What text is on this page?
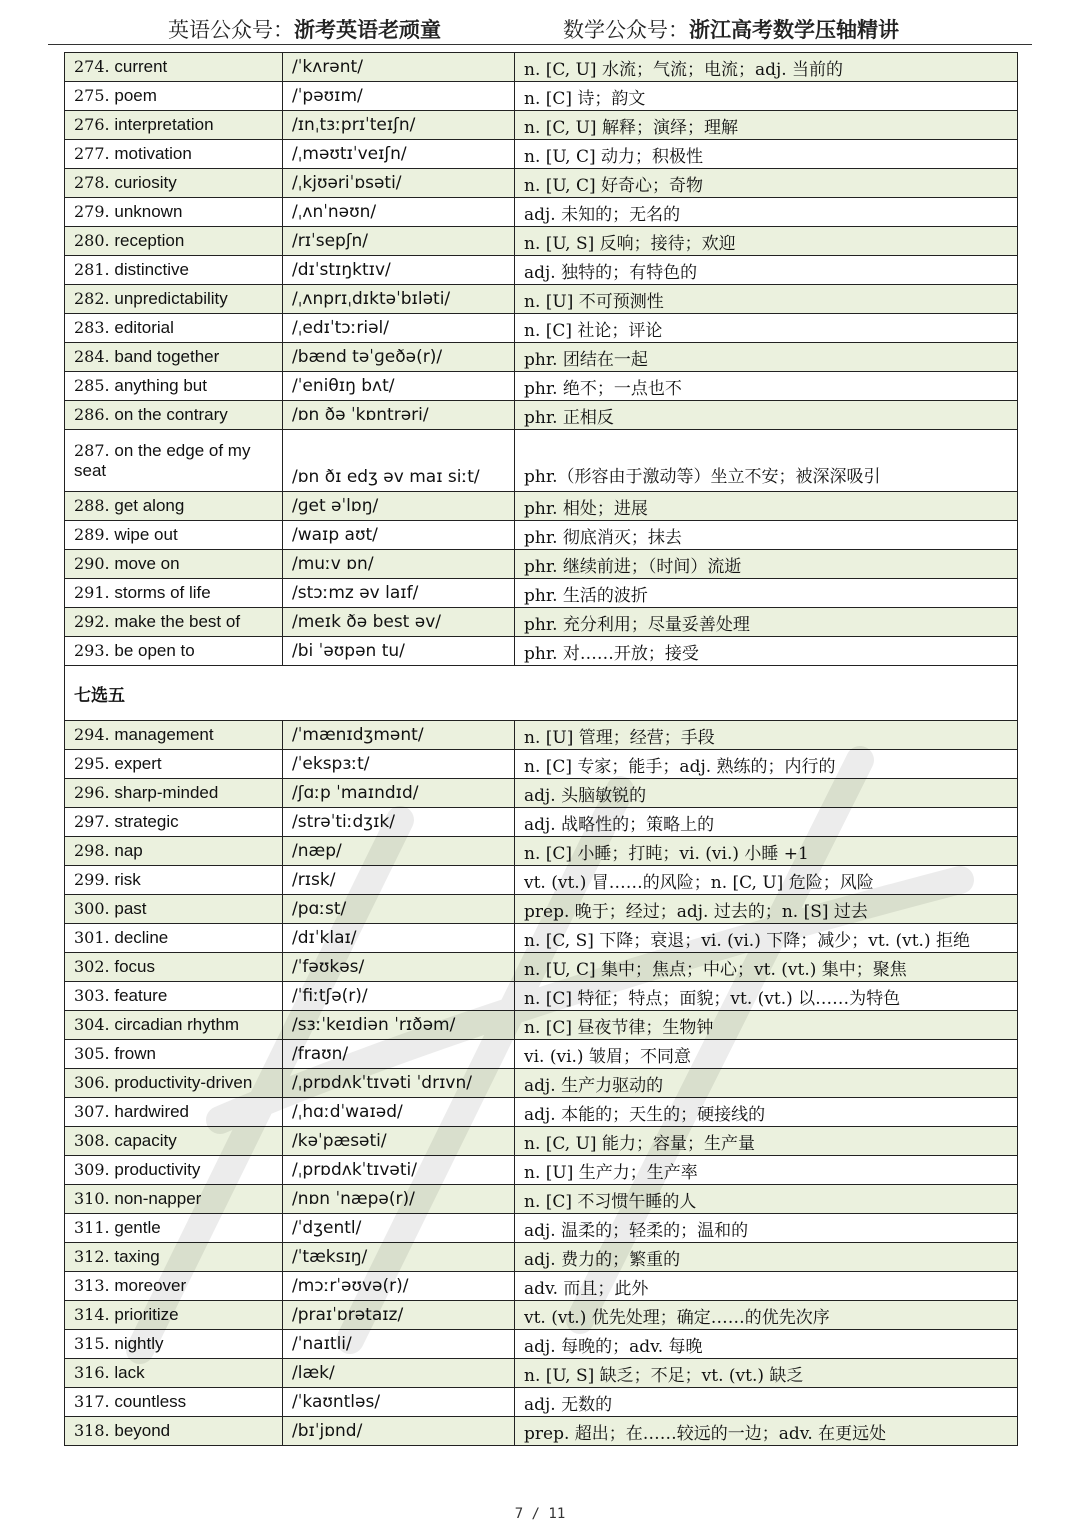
英语公众号：浙考英语老顽童	数学公众号：浙江高考数学压轴精讲
274. current	/ˈkʌrənt/	n. [C, U] 水流；气流；电流；adj. 当前的
275. poem	/ˈpəʊɪm/	n. [C] 诗；韵文
276. interpretation	/ɪnˌtɜːprɪˈteɪʃn/	n. [C, U] 解释；演绎；理解
277. motivation	/ˌməʊtɪˈveɪʃn/	n. [U, C] 动力；积极性
278. curiosity	/ˌkjʊəriˈɒsəti/	n. [U, C] 好奇心；奇物
279. unknown	/ˌʌnˈnəʊn/	adj. 未知的；无名的
280. reception	/rɪˈsepʃn/	n. [U, S] 反响；接待；欢迎
281. distinctive	/dɪˈstɪŋktɪv/	adj. 独特的；有特色的
282. unpredictability	/ˌʌnprɪˌdɪktəˈbɪləti/	n. [U] 不可预测性
283. editorial	/ˌedɪˈtɔːriəl/	n. [C] 社论；评论
284. band together	/bænd təˈɡeðə(r)/	phr. 团结在一起
285. anything but	/ˈeniθɪŋ bʌt/	phr. 绝不；一点也不
286. on the contrary	/ɒn ðə ˈkɒntrəri/	phr. 正相反
287. on the edge of my seat	/ɒn ðɪ edʒ əv maɪ siːt/	phr.（形容由于激动等）坐立不安；被深深吸引
288. get along	/ɡet əˈlɒŋ/	phr. 相处；进展
289. wipe out	/waɪp aʊt/	phr. 彻底消灭；抹去
290. move on	/muːv ɒn/	phr. 继续前进；（时间）流逝
291. storms of life	/stɔːmz əv laɪf/	phr. 生活的波折
292. make the best of	/meɪk ðə best əv/	phr. 充分利用；尽量妥善处理
293. be open to	/bi ˈəʊpən tu/	phr. 对……开放；接受
七选五		
294. management	/ˈmænɪdʒmənt/	n. [U] 管理；经营；手段
295. expert	/ˈekspɜːt/	n. [C] 专家；能手；adj. 熟练的；内行的
296. sharp-minded	/ʃɑːp ˈmaɪndɪd/	adj. 头脑敏锐的
297. strategic	/strəˈtiːdʒɪk/	adj. 战略性的；策略上的
298. nap	/næp/	n. [C] 小睡；打盹；vi. (vi.) 小睡 +1
299. risk	/rɪsk/	vt. (vt.) 冒……的风险；n. [C, U] 危险；风险
300. past	/pɑːst/	prep. 晚于；经过；adj. 过去的；n. [S] 过去
301. decline	/dɪˈklaɪ/	n. [C, S] 下降；衰退；vi. (vi.) 下降；减少；vt. (vt.) 拒绝
302. focus	/ˈfəʊkəs/	n. [U, C] 集中；焦点；中心；vt. (vt.) 集中；聚焦
303. feature	/ˈfiːtʃə(r)/	n. [C] 特征；特点；面貌；vt. (vt.) 以……为特色
304. circadian rhythm	/sɜːˈkeɪdiən ˈrɪðəm/	n. [C] 昼夜节律；生物钟
305. frown	/fraʊn/	vi. (vi.) 皱眉；不同意
306. productivity-driven	/ˌprɒdʌkˈtɪvəti ˈdrɪvn/	adj. 生产力驱动的
307. hardwired	/ˌhɑːdˈwaɪəd/	adj. 本能的；天生的；硬接线的
308. capacity	/kəˈpæsəti/	n. [C, U] 能力；容量；生产量
309. productivity	/ˌprɒdʌkˈtɪvəti/	n. [U] 生产力；生产率
310. non-napper	/nɒn ˈnæpə(r)/	n. [C] 不习惯午睡的人
311. gentle	/ˈdʒentl/	adj. 温柔的；轻柔的；温和的
312. taxing	/ˈtæksɪŋ/	adj. 费力的；繁重的
313. moreover	/mɔːrˈəʊvə(r)/	adv. 而且；此外
314. prioritize	/praɪˈɒrətaɪz/	vt. (vt.) 优先处理；确定……的优先次序
315. nightly	/ˈnaɪtli/	adj. 每晚的；adv. 每晚
316. lack	/læk/	n. [U, S] 缺乏；不足；vt. (vt.) 缺乏
317. countless	/ˈkaʊntləs/	adj. 无数的
318. beyond	/bɪˈjɒnd/	prep. 超出；在……较远的一边；adv. 在更远处
7 / 11
